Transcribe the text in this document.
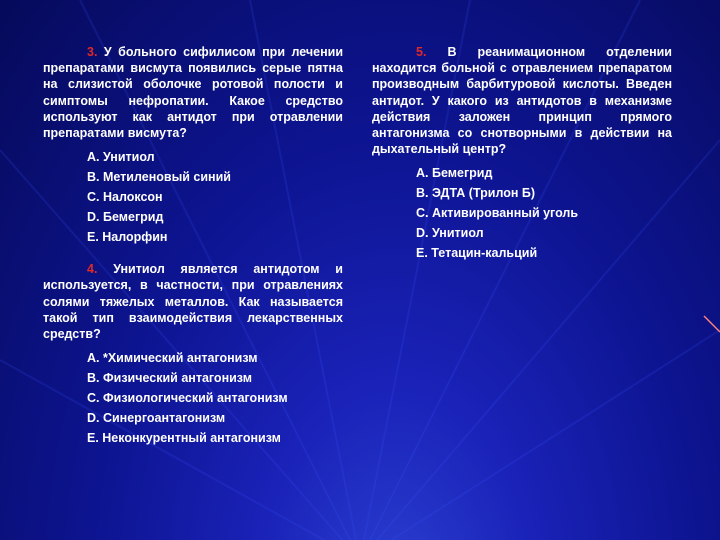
3. У больного сифилисом при лечении препаратами висмута появились серые пятна на слизистой оболочке ротовой полости и симптомы нефропатии. Какое средство используют как антидот при отравлении препаратами висмута?

A. Унитиол
B. Метиленовый синий
C. Налоксон
D. Бемегрид
E. Налорфин

4. Унитиол является антидотом и используется, в частности, при отравлениях солями тяжелых металлов. Как называется такой тип взаимодействия лекарственных средств?

A. *Химический антагонизм
B. Физический антагонизм
C. Физиологический антагонизм
D. Синергоантагонизм
E. Неконкурентный антагонизм

5. В реанимационном отделении находится больной с отравлением препаратом производным барбитуровой кислоты. Введен антидот. У какого из антидотов в механизме действия заложен принцип прямого антагонизма со снотворными в действии на дыхательный центр?

A. Бемегрид
B. ЭДТА (Трилон Б)
C. Активированный уголь
D. Унитиол
E. Тетацин-кальций
